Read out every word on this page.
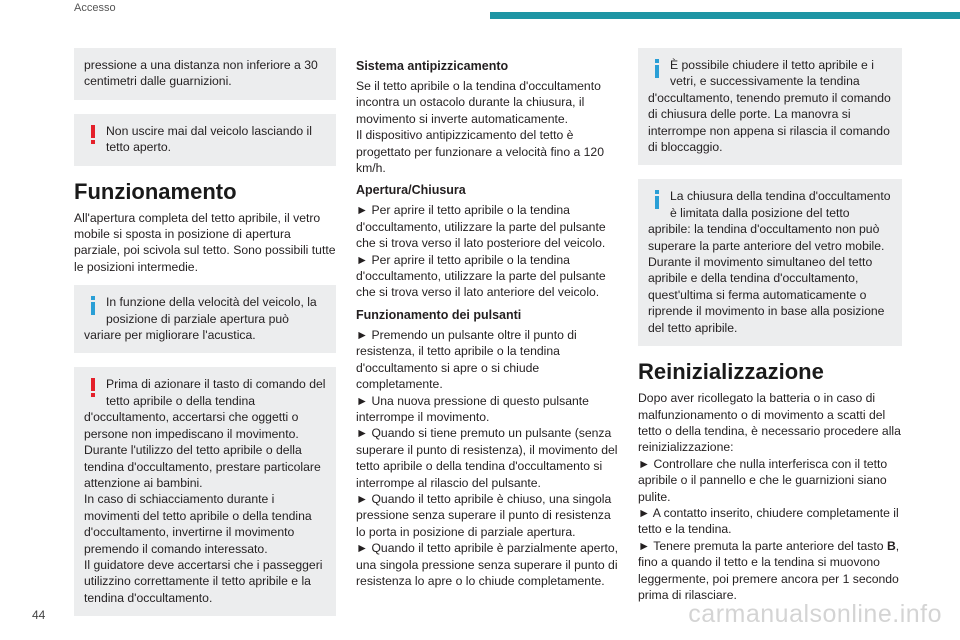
Accesso
pressione a una distanza non inferiore a 30 centimetri dalle guarnizioni.
Non uscire mai dal veicolo lasciando il tetto aperto.
Funzionamento

All'apertura completa del tetto apribile, il vetro mobile si sposta in posizione di apertura parziale, poi scivola sul tetto. Sono possibili tutte le posizioni intermedie.

In funzione della velocità del veicolo, la posizione di parziale apertura può variare per migliorare l'acustica.
Prima di azionare il tasto di comando del tetto apribile o della tendina d'occultamento, accertarsi che oggetti o persone non impediscano il movimento.
Durante l'utilizzo del tetto apribile o della tendina d'occultamento, prestare particolare attenzione ai bambini.
In caso di schiacciamento durante i movimenti del tetto apribile o della tendina d'occultamento, invertirne il movimento premendo il comando interessato.
Il guidatore deve accertarsi che i passeggeri utilizzino correttamente il tetto apribile e la tendina d'occultamento.
Sistema antipizzicamento
Se il tetto apribile o la tendina d'occultamento incontra un ostacolo durante la chiusura, il movimento si inverte automaticamente.
Il dispositivo antipizzicamento del tetto è progettato per funzionare a velocità fino a 120 km/h.
Apertura/Chiusura
► Per aprire il tetto apribile o la tendina d'occultamento, utilizzare la parte del pulsante che si trova verso il lato posteriore del veicolo.
► Per aprire il tetto apribile o la tendina d'occultamento, utilizzare la parte del pulsante che si trova verso il lato anteriore del veicolo.
Funzionamento dei pulsanti
► Premendo un pulsante oltre il punto di resistenza, il tetto apribile o la tendina d'occultamento si apre o si chiude completamente.
► Una nuova pressione di questo pulsante interrompe il movimento.
► Quando si tiene premuto un pulsante (senza superare il punto di resistenza), il movimento del tetto apribile o della tendina d'occultamento si interrompe al rilascio del pulsante.
► Quando il tetto apribile è chiuso, una singola pressione senza superare il punto di resistenza lo porta in posizione di parziale apertura.
► Quando il tetto apribile è parzialmente aperto, una singola pressione senza superare il punto di resistenza lo apre o lo chiude completamente.
È possibile chiudere il tetto apribile e i vetri, e successivamente la tendina d'occultamento, tenendo premuto il comando di chiusura delle porte. La manovra si interrompe non appena si rilascia il comando di bloccaggio.
La chiusura della tendina d'occultamento è limitata dalla posizione del tetto apribile: la tendina d'occultamento non può superare la parte anteriore del vetro mobile. Durante il movimento simultaneo del tetto apribile e della tendina d'occultamento, quest'ultima si ferma automaticamente o riprende il movimento in base alla posizione del tetto apribile.
Reinizializzazione
Dopo aver ricollegato la batteria o in caso di malfunzionamento o di movimento a scatti del tetto o della tendina, è necessario procedere alla reinizializzazione:
► Controllare che nulla interferisca con il tetto apribile o il pannello e che le guarnizioni siano pulite.
► A contatto inserito, chiudere completamente il tetto e la tendina.
► Tenere premuta la parte anteriore del tasto B, fino a quando il tetto e la tendina si muovono leggermente, poi premere ancora per 1 secondo prima di rilasciare.
44	carmanualsonline.info
